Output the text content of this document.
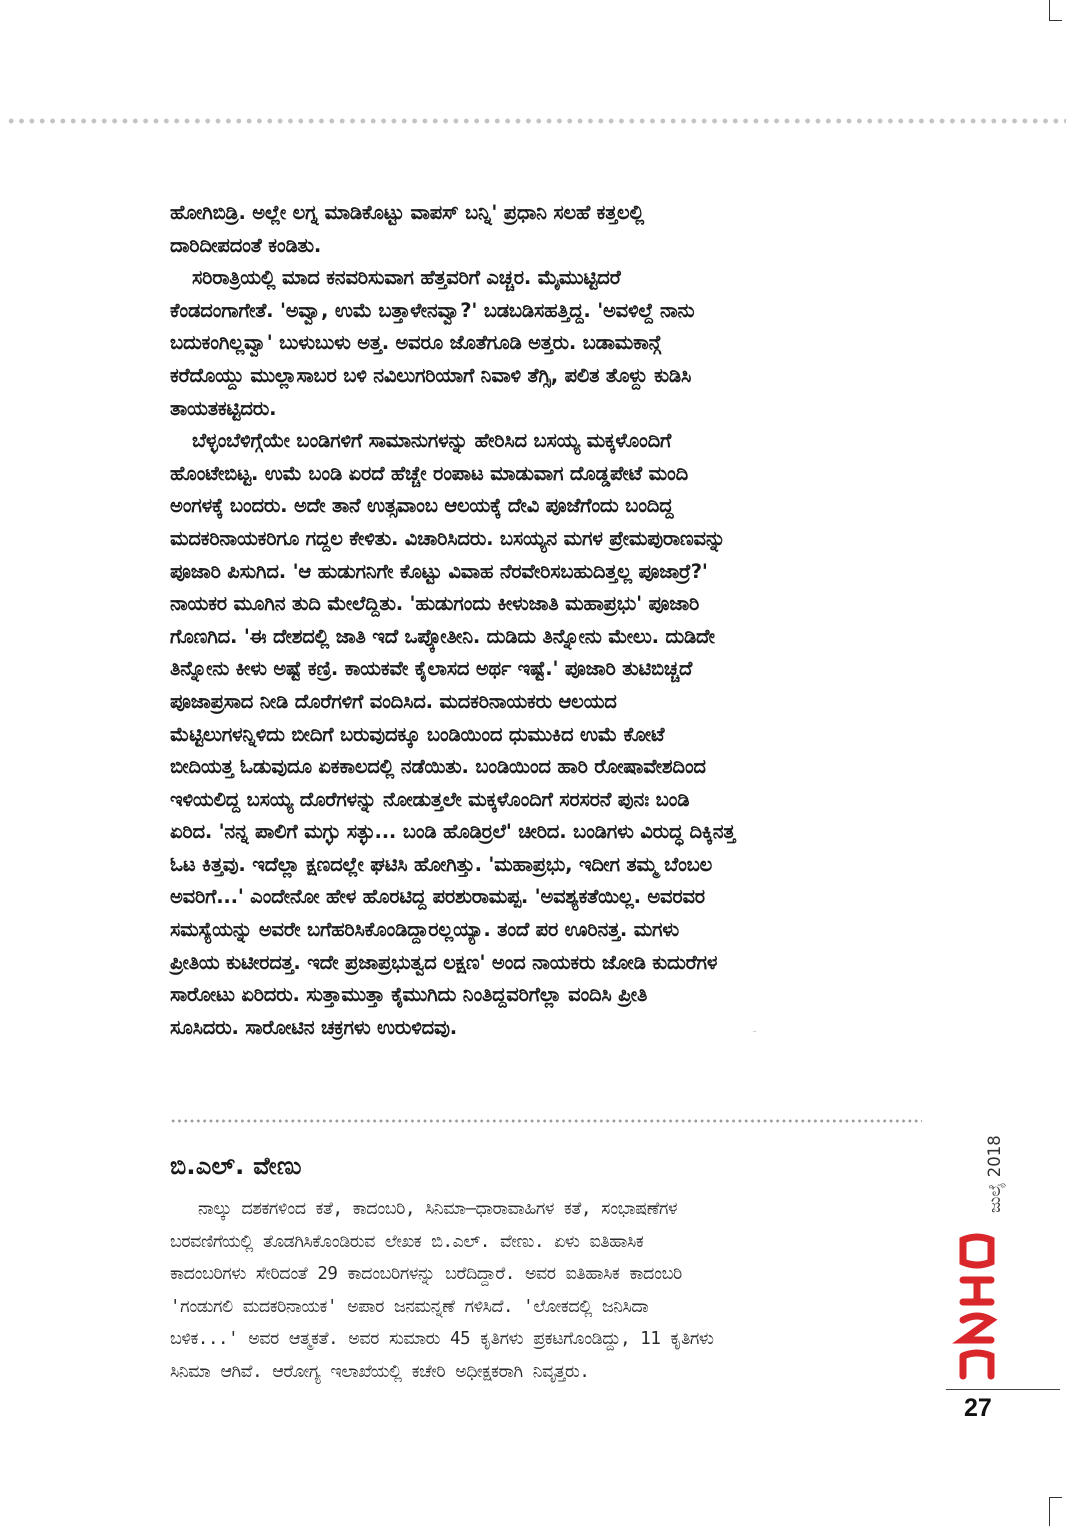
ಹೋಗಿಬಿಡ್ರಿ. ಅಲ್ಲೇ ಲಗ್ನ ಮಾಡಿಕೊಟ್ಟು ವಾಪಸ್ ಬನ್ನಿ' ಪ್ರಧಾನಿ ಸಲಹೆ ಕತ್ತಲಲ್ಲಿ
ದಾರಿದೀಪದಂತೆ ಕಂಡಿತು.

ಸರಿರಾತ್ರಿಯಲ್ಲಿ ಮಾದ ಕನವರಿಸುವಾಗ ಹೆತ್ತವರಿಗೆ ಎಚ್ಚರ. ಮೈಮುಟ್ಟಿದರೆ
ಕೆಂಡದಂಗಾಗೇತೆ. 'ಅವ್ವಾ, ಉಮೆ ಬತ್ತಾಳೇನವ್ವಾ?' ಬಡಬಡಿಸಹತ್ತಿದ್ದ. 'ಅವಳಿಲ್ದೆ ನಾನು
ಬದುಕಂಗಿಲ್ಲವ್ವಾ' ಬುಳುಬುಳು ಅತ್ತ. ಅವರೂ ಜೊತೆಗೂಡಿ ಅತ್ತರು. ಬಡಾಮಕಾನ್ಗೆ
ಕರೆದೊಯ್ದು ಮುಲ್ಲಾಸಾಬರ ಬಳಿ ನವಿಲುಗರಿಯಾಗೆ ನಿವಾಳಿ ತೆಗ್ಸಿ, ಪಲಿತ ತೊಳ್ದು ಕುಡಿಸಿ
ತಾಯತಕಟ್ಟಿದರು.

ಬೆಳ್ಳಂಬೆಳಿಗ್ಗೆಯೇ ಬಂಡಿಗಳಿಗೆ ಸಾಮಾನುಗಳನ್ನು ಹೇರಿಸಿದ ಬಸಯ್ಯ ಮಕ್ಕಳೊಂದಿಗೆ
ಹೊಂಟೇಬಿಟ್ಟ. ಉಮೆ ಬಂಡಿ ಏರದೆ ಹೆಚ್ಚೇ ರಂಪಾಟ ಮಾಡುವಾಗ ದೊಡ್ಡಪೇಟೆ ಮಂದಿ
ಅಂಗಳಕ್ಕೆ ಬಂದರು. ಅದೇ ತಾನೆ ಉತ್ಸವಾಂಬ ಆಲಯಕ್ಕೆ ದೇವಿ ಪೂಜೆಗೆಂದು ಬಂದಿದ್ದ
ಮದಕರಿನಾಯಕರಿಗೂ ಗದ್ದಲ ಕೇಳಿತು. ವಿಚಾರಿಸಿದರು. ಬಸಯ್ಯನ ಮಗಳ ಪ್ರೇಮಪುರಾಣವನ್ನು
ಪೂಜಾರಿ ಪಿಸುಗಿದ. 'ಆ ಹುಡುಗನಿಗೇ ಕೊಟ್ಟು ವಿವಾಹ ನೆರವೇರಿಸಬಹುದಿತ್ತಲ್ಲ ಪೂಜಾರ್ರೆ?'
ನಾಯಕರ ಮೂಗಿನ ತುದಿ ಮೇಲೆದ್ದಿತು. 'ಹುಡುಗಂದು ಕೀಳುಜಾತಿ ಮಹಾಪ್ರಭು' ಪೂಜಾರಿ
ಗೊಣಗಿದ. 'ಈ ದೇಶದಲ್ಲಿ ಜಾತಿ ಇದೆ ಒಪ್ಕೋತೀನಿ. ದುಡಿದು ತಿನ್ನೋನು ಮೇಲು. ದುಡಿದೇ
ತಿನ್ನೋನು ಕೀಳು ಅಷ್ಟೆ ಕಣ್ರಿ. ಕಾಯಕವೇ ಕೈಲಾಸದ ಅರ್ಥ ಇಷ್ಟೆ.' ಪೂಜಾರಿ ತುಟಿಬಿಚ್ಚದೆ
ಪೂಜಾಪ್ರಸಾದ ನೀಡಿ ದೊರೆಗಳಿಗೆ ವಂದಿಸಿದ. ಮದಕರಿನಾಯಕರು ಆಲಯದ
ಮೆಟ್ಟಿಲುಗಳನ್ನಿಳಿದು ಬೀದಿಗೆ ಬರುವುದಕ್ಕೂ ಬಂಡಿಯಿಂದ ಧುಮುಕಿದ ಉಮೆ ಕೋಟೆ
ಬೀದಿಯತ್ತ ಓಡುವುದೂ ಏಕಕಾಲದಲ್ಲಿ ನಡೆಯಿತು. ಬಂಡಿಯಿಂದ ಹಾರಿ ರೋಷಾವೇಶದಿಂದ
ಇಳಿಯಲಿದ್ದ ಬಸಯ್ಯ ದೊರೆಗಳನ್ನು ನೋಡುತ್ತಲೇ ಮಕ್ಕಳೊಂದಿಗೆ ಸರಸರನೆ ಪುನಃ ಬಂಡಿ
ಏರಿದ. 'ನನ್ನ ಪಾಲಿಗೆ ಮಗ್ಳು ಸತ್ಳು... ಬಂಡಿ ಹೊಡಿರ್ರಲೆ' ಚೀರಿದ. ಬಂಡಿಗಳು ವಿರುದ್ಧ ದಿಕ್ಕಿನತ್ತ
ಓಟ ಕಿತ್ತವು. ಇದೆಲ್ಲಾ ಕ್ಷಣದಲ್ಲೇ ಘಟಿಸಿ ಹೋಗಿತ್ತು. 'ಮಹಾಪ್ರಭು, ಇದೀಗ ತಮ್ಮ ಬೆಂಬಲ
ಅವರಿಗೆ...' ಎಂದೇನೋ ಹೇಳ ಹೊರಟಿದ್ದ ಪರಶುರಾಮಪ್ಪ. 'ಅವಶ್ಯಕತೆಯಿಲ್ಲ. ಅವರವರ
ಸಮಸ್ಯೆಯನ್ನು ಅವರೇ ಬಗೆಹರಿಸಿಕೊಂಡಿದ್ದಾರಲ್ಲಯ್ಯಾ. ತಂದೆ ಪರ ಊರಿನತ್ತ. ಮಗಳು
ಪ್ರೀತಿಯ ಕುಟೀರದತ್ತ. ಇದೇ ಪ್ರಜಾಪ್ರಭುತ್ವದ ಲಕ್ಷಣ' ಅಂದ ನಾಯಕರು ಜೋಡಿ ಕುದುರೆಗಳ
ಸಾರೋಟು ಏರಿದರು. ಸುತ್ತಾಮುತ್ತಾ ಕೈಮುಗಿದು ನಿಂತಿದ್ದವರಿಗೆಲ್ಲಾ ವಂದಿಸಿ ಪ್ರೀತಿ
ಸೂಸಿದರು. ಸಾರೋಟಿನ ಚಕ್ರಗಳು ಉರುಳಿದವು.

ಬಿ.ಎಲ್. ವೇಣು
ನಾಲ್ಕು ದಶಕಗಳಿಂದ ಕತೆ, ಕಾದಂಬರಿ, ಸಿನಿಮಾ–ಧಾರಾವಾಹಿಗಳ ಕತೆ, ಸಂಭಾಷಣೆಗಳ
ಬರವಣಿಗೆಯಲ್ಲಿ ತೊಡಗಿಸಿಕೊಂಡಿರುವ ಲೇಖಕ ಬಿ.ಎಲ್. ವೇಣು. ಏಳು ಐತಿಹಾಸಿಕ
ಕಾದಂಬರಿಗಳು ಸೇರಿದಂತೆ 29 ಕಾದಂಬರಿಗಳನ್ನು ಬರೆದಿದ್ದಾರೆ. ಅವರ ಐತಿಹಾಸಿಕ ಕಾದಂಬರಿ
'ಗಂಡುಗಲಿ ಮದಕರಿನಾಯಕ' ಅಪಾರ ಜನಮನ್ನಣೆ ಗಳಿಸಿದೆ. 'ಲೋಕದಲ್ಲಿ ಜನಿಸಿದಾ
ಬಳಿಕ...' ಅವರ ಆತ್ಮಕತೆ. ಅವರ ಸುಮಾರು 45 ಕೃತಿಗಳು ಪ್ರಕಟಗೊಂಡಿದ್ದು, 11 ಕೃತಿಗಳು
ಸಿನಿಮಾ ಆಗಿವೆ. ಆರೋಗ್ಯ ಇಲಾಖೆಯಲ್ಲಿ ಕಚೇರಿ ಅಧೀಕ್ಷಕರಾಗಿ ನಿವೃತ್ತರು.
ಮಯೂರ
ಜುಲೈ 2018
27
